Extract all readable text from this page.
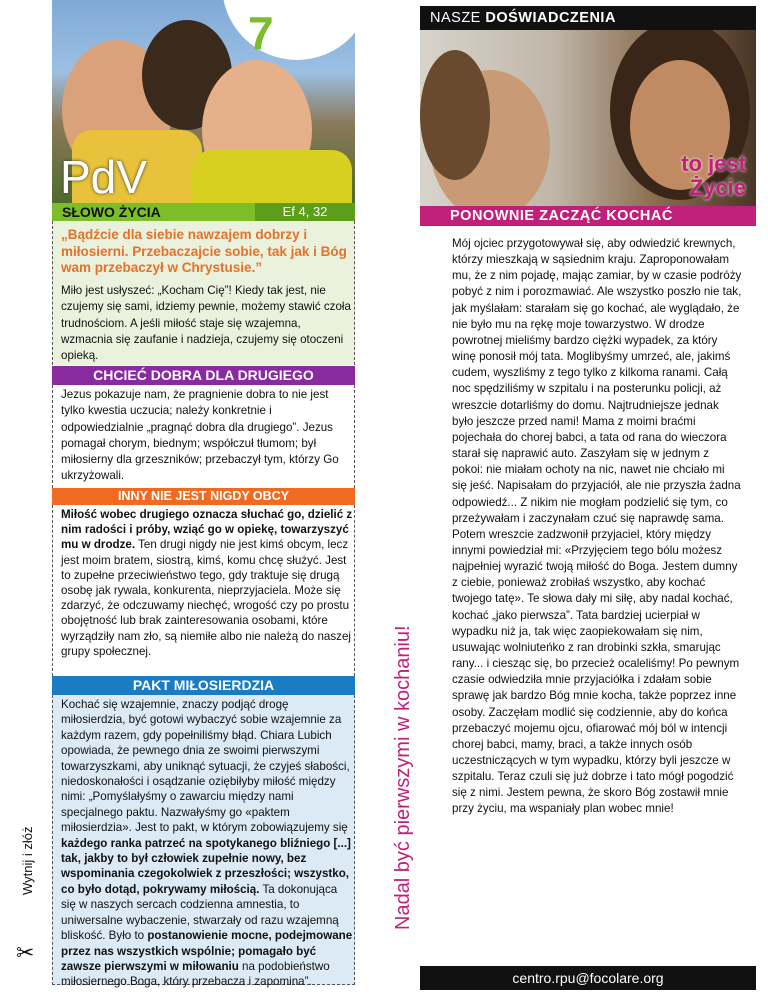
7
PdV
SŁOWO ŻYCIA	Ef 4, 32
„Bądźcie dla siebie nawzajem dobrzy i miłosierni. Przebaczajcie sobie, tak jak i Bóg wam przebaczył w Chrystusie.”
Miło jest usłyszeć: „Kocham Cię”! Kiedy tak jest, nie czujemy się sami, idziemy pewnie, możemy stawić czoła trudnościom. A jeśli miłość staje się wzajemna, wzmacnia się zaufanie i nadzieja, czujemy się otoczeni opieką.
CHCIEĆ DOBRA DLA DRUGIEGO
Jezus pokazuje nam, że pragnienie dobra to nie jest tylko kwestia uczucia; należy konkretnie i odpowiedzialnie „pragnąć dobra dla drugiego”. Jezus pomagał chorym, biednym; współczuł tłumom; był miłosierny dla grzeszników; przebaczył tym, którzy Go ukrzyżowali.
INNY NIE JEST NIGDY OBCY
Miłość wobec drugiego oznacza słuchać go, dzielić z nim radości i próby, wziąć go w opiekę, towarzyszyć mu w drodze. Ten drugi nigdy nie jest kimś obcym, lecz jest moim bratem, siostrą, kimś, komu chcę służyć. Jest to zupełne przeciwieństwo tego, gdy traktuje się drugą osobę jak rywala, konkurenta, nieprzyjaciela. Może się zdarzyć, że odczuwamy niechęć, wrogość czy po prostu obojętność lub brak zainteresowania osobami, które wyrządziły nam zło, są niemiłe albo nie należą do naszej grupy społecznej.
PAKT MIŁOSIERDZIA
Kochać się wzajemnie, znaczy podjąć drogę miłosierdzia, być gotowi wybaczyć sobie wzajemnie za każdym razem, gdy popełniliśmy błąd. Chiara Lubich opowiada, że pewnego dnia ze swoimi pierwszymi towarzyszkami, aby uniknąć sytuacji, że czyjeś słabości, niedoskonałości i osądzanie oziębiłyby miłość między nimi: „Pomyślałyśmy o zawarciu między nami specjalnego paktu. Nazwałyśmy go «paktem miłosierdzia». Jest to pakt, w którym zobowiązujemy się każdego ranka patrzeć na spotykanego bliźniego [...] tak, jakby to był człowiek zupełnie nowy, bez wspominania czegokolwiek z przeszłości; wszystko, co było dotąd, pokrywamy miłością. Ta dokonująca się w naszych sercach codzienna amnestia, to uniwersalne wybaczenie, stwarzały od razu wzajemną bliskość. Było to postanowienie mocne, podejmowane przez nas wszystkich wspólnie; pomagało być zawsze pierwszymi w miłowaniu na podobieństwo miłosiernego Boga, który przebacza i zapomina”.
Wytnij i złóż
✂
Nadal być pierwszymi w kochaniu!
NASZE DOŚWIADCZENIA
to jest
Życie
PONOWNIE ZACZĄĆ KOCHAĆ

Mój ojciec przygotowywał się, aby odwiedzić krewnych, którzy mieszkają w sąsiednim kraju. Zaproponowałam mu, że z nim pojadę, mając zamiar, by w czasie podróży pobyć z nim i porozmawiać. Ale wszystko poszło nie tak, jak myślałam: starałam się go kochać, ale wyglądało, że nie było mu na rękę moje towarzystwo. W drodze powrotnej mieliśmy bardzo ciężki wypadek, za który winę ponosił mój tata. Moglibyśmy umrzeć, ale, jakimś cudem, wyszliśmy z tego tylko z kilkoma ranami. Całą noc spędziliśmy w szpitalu i na posterunku policji, aż wreszcie dotarliśmy do domu. Najtrudniejsze jednak było jeszcze przed nami! Mama z moimi braćmi pojechała do chorej babci, a tata od rana do wieczora starał się naprawić auto. Zaszyłam się w jednym z pokoi: nie miałam ochoty na nic, nawet nie chciało mi się jeść. Napisałam do przyjaciół, ale nie przyszła żadna odpowiedź... Z nikim nie mogłam podzielić się tym, co przeżywałam i zaczynałam czuć się naprawdę sama. Potem wreszcie zadzwonił przyjaciel, który między innymi powiedział mi: «Przyjęciem tego bólu możesz najpełniej wyrazić twoją miłość do Boga. Jestem dumny z ciebie, ponieważ zrobiłaś wszystko, aby kochać twojego tatę». Te słowa dały mi siłę, aby nadal kochać, kochać „jako pierwsza”. Tata bardziej ucierpiał w wypadku niż ja, tak więc zaopiekowałam się nim, usuwając wolniuteńko z ran drobinki szkła, smarując rany... i ciesząc się, bo przecież ocaleliśmy! Po pewnym czasie odwiedziła mnie przyjaciółka i zdałam sobie sprawę jak bardzo Bóg mnie kocha, także poprzez inne osoby. Zaczęłam modlić się codziennie, aby do końca przebaczyć mojemu ojcu, ofiarować mój ból w intencji chorej babci, mamy, braci, a także innych osób uczestniczących w tym wypadku, którzy byli jeszcze w szpitalu. Teraz czuli się już dobrze i tato mógł pogodzić się z nimi. Jestem pewna, że skoro Bóg zostawił mnie przy życiu, ma wspaniały plan wobec mnie!

centro.rpu@focolare.org
